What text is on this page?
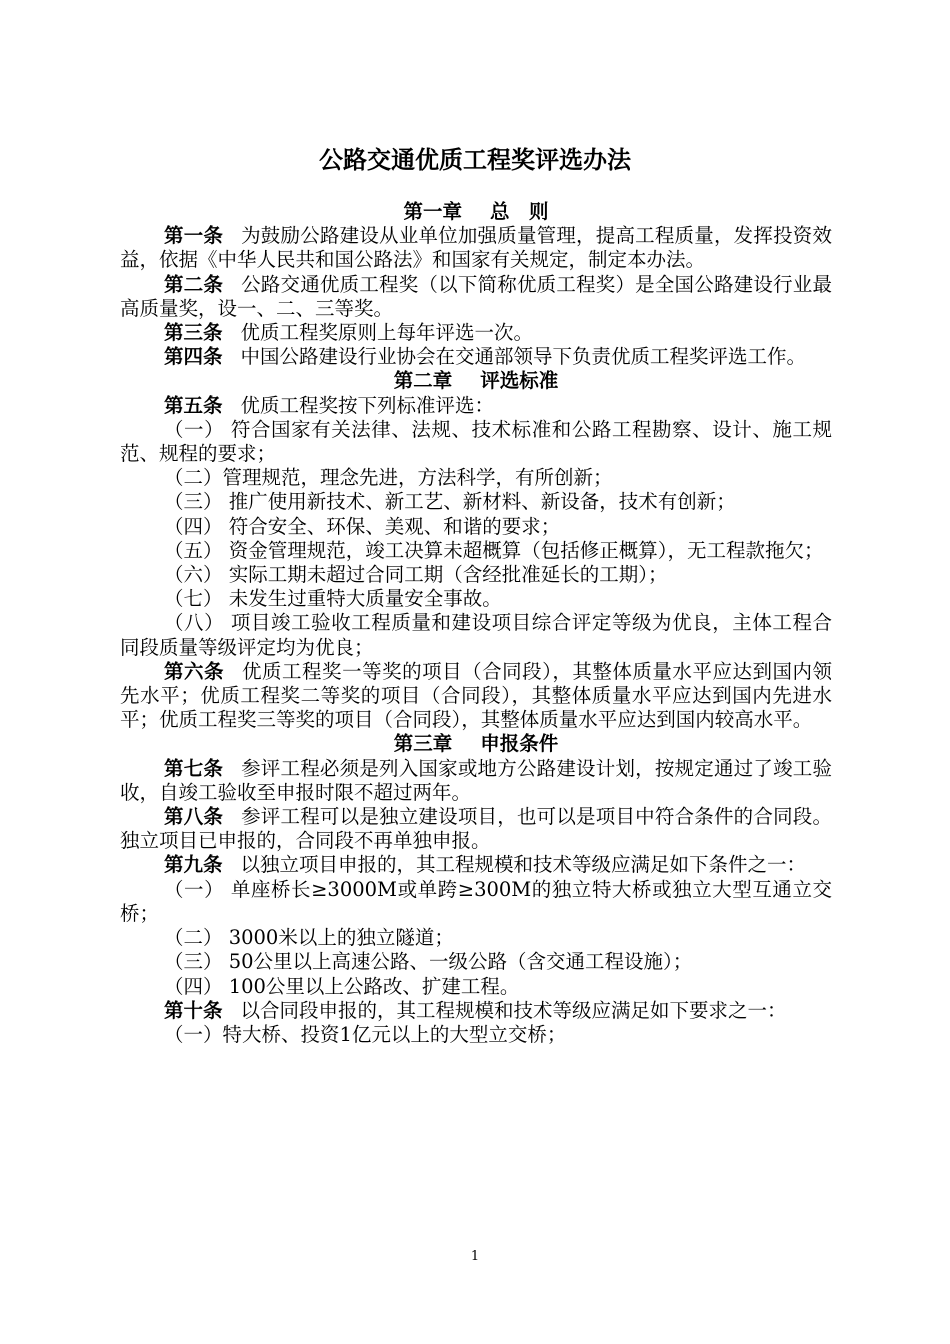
公路交通优质工程奖评选办法
第一章 总　则

第一条 为鼓励公路建设从业单位加强质量管理，提高工程质量，发挥投资效益，依据《中华人民共和国公路法》和国家有关规定，制定本办法。

第二条 公路交通优质工程奖（以下简称优质工程奖）是全国公路建设行业最高质量奖，设一、二、三等奖。

第三条 优质工程奖原则上每年评选一次。

第四条 中国公路建设行业协会在交通部领导下负责优质工程奖评选工作。

第二章 评选标准

第五条 优质工程奖按下列标准评选：

（一） 符合国家有关法律、法规、技术标准和公路工程勘察、设计、施工规范、规程的要求；

（二）管理规范，理念先进，方法科学，有所创新；

（三） 推广使用新技术、新工艺、新材料、新设备，技术有创新；

（四） 符合安全、环保、美观、和谐的要求；

（五） 资金管理规范，竣工决算未超概算（包括修正概算），无工程款拖欠；

（六） 实际工期未超过合同工期（含经批准延长的工期）；

（七） 未发生过重特大质量安全事故。

（八） 项目竣工验收工程质量和建设项目综合评定等级为优良，主体工程合同段质量等级评定均为优良；

第六条 优质工程奖一等奖的项目（合同段），其整体质量水平应达到国内领先水平；优质工程奖二等奖的项目（合同段），其整体质量水平应达到国内先进水平；优质工程奖三等奖的项目（合同段），其整体质量水平应达到国内较高水平。

第三章 申报条件

第七条 参评工程必须是列入国家或地方公路建设计划，按规定通过了竣工验收，自竣工验收至申报时限不超过两年。

第八条 参评工程可以是独立建设项目，也可以是项目中符合条件的合同段。独立项目已申报的，合同段不再单独申报。

第九条 以独立项目申报的，其工程规模和技术等级应满足如下条件之一：

（一） 单座桥长≥3000M或单跨≥300M的独立特大桥或独立大型互通立交桥；

（二） 3000米以上的独立隧道；

（三） 50公里以上高速公路、一级公路（含交通工程设施）；

（四） 100公里以上公路改、扩建工程。

第十条 以合同段申报的，其工程规模和技术等级应满足如下要求之一：

（一）特大桥、投资1亿元以上的大型立交桥；

1
